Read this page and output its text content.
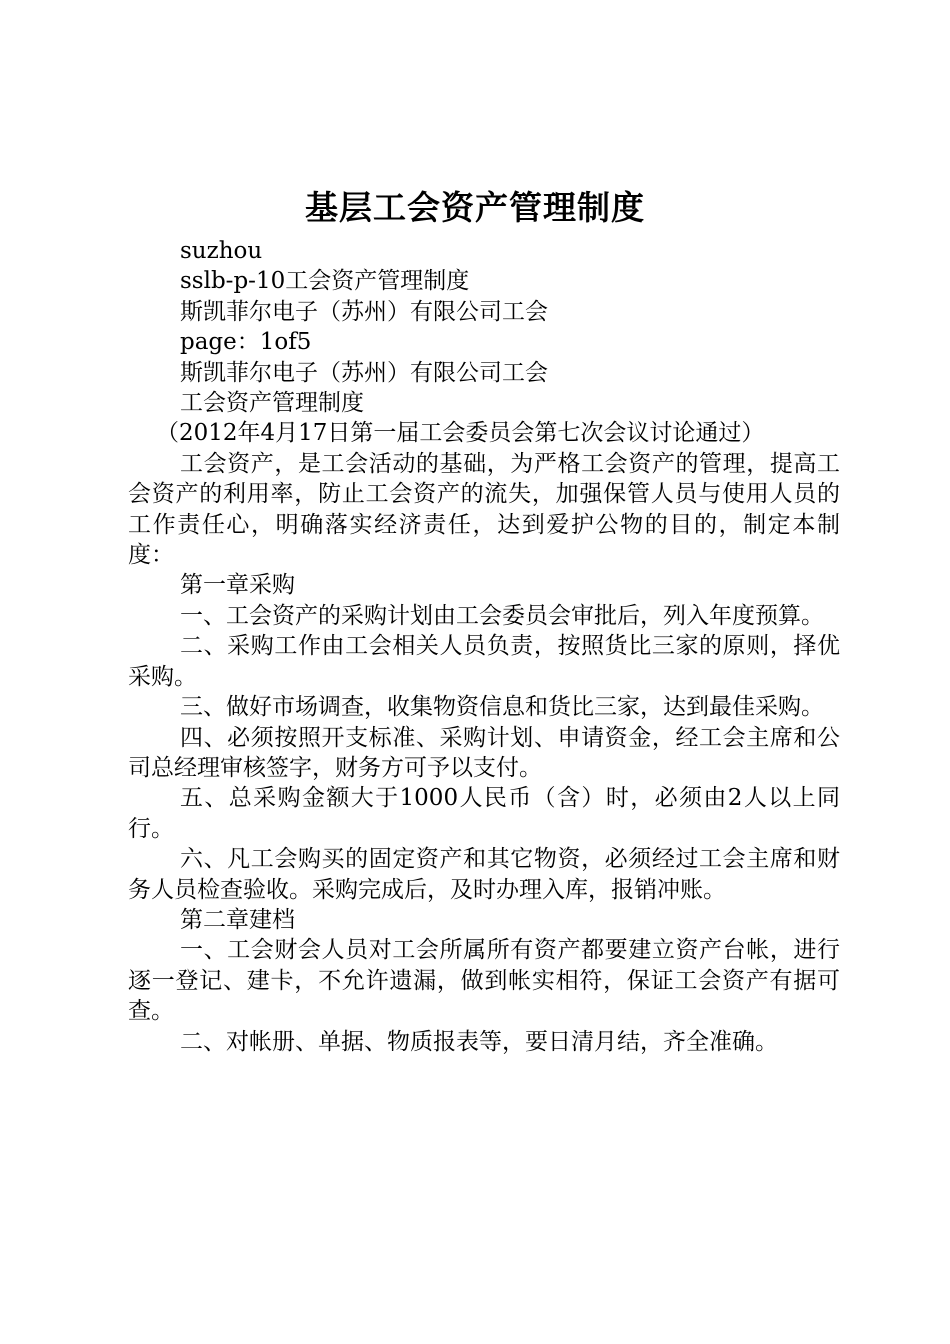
基层工会资产管理制度

suzhou

sslb-p-10工会资产管理制度

斯凯菲尔电子（苏州）有限公司工会

page：1of5

斯凯菲尔电子（苏州）有限公司工会

工会资产管理制度

（2012年4月17日第一届工会委员会第七次会议讨论通过）

工会资产，是工会活动的基础，为严格工会资产的管理，提高工会资产的利用率，防止工会资产的流失，加强保管人员与使用人员的工作责任心，明确落实经济责任，达到爱护公物的目的，制定本制度：

第一章采购

一、工会资产的采购计划由工会委员会审批后，列入年度预算。

二、采购工作由工会相关人员负责，按照货比三家的原则，择优采购。

三、做好市场调查，收集物资信息和货比三家，达到最佳采购。

四、必须按照开支标准、采购计划、申请资金，经工会主席和公司总经理审核签字，财务方可予以支付。

五、总采购金额大于1000人民币（含）时，必须由2人以上同行。

六、凡工会购买的固定资产和其它物资，必须经过工会主席和财务人员检查验收。采购完成后，及时办理入库，报销冲账。

第二章建档

一、工会财会人员对工会所属所有资产都要建立资产台帐，进行逐一登记、建卡，不允许遗漏，做到帐实相符，保证工会资产有据可查。

二、对帐册、单据、物质报表等，要日清月结，齐全准确。
